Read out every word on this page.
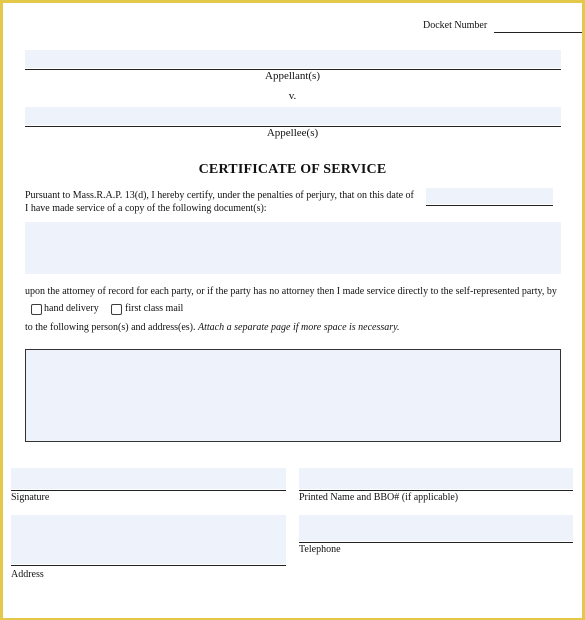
Docket Number
Appellant(s)
v.
Appellee(s)
CERTIFICATE OF SERVICE
Pursuant to Mass.R.A.P. 13(d), I hereby certify, under the penalties of perjury, that on this date of
I have made service of a copy of the following document(s):
upon the attorney of record for each party, or if the party has no attorney then I made service directly to the self-represented party, by
hand delivery	first class mail
to the following person(s) and address(es). Attach a separate page if more space is necessary.
Signature	Printed Name and BBO# (if applicable)
Address
Telephone
